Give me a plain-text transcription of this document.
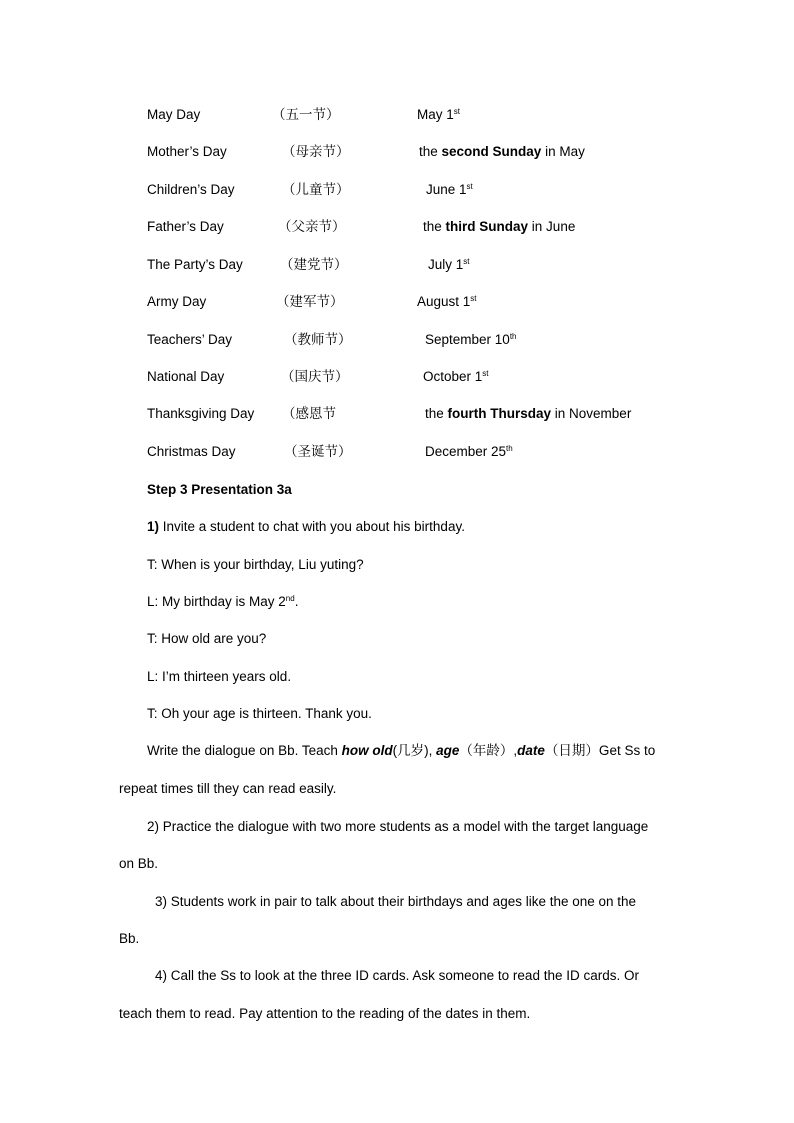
May Day	（五一节）	May 1st
Mother’s Day	（母亲节）	the second Sunday in May
Children’s Day	（儿童节）	June 1st
Father’s Day	（父亲节）	the third Sunday in June
The Party’s Day	（建党节）	July 1st
Army Day	（建军节）	August 1st
Teachers’ Day	（教师节）	September 10th
National Day	（国庆节）	October 1st
Thanksgiving Day （感恩节	the fourth Thursday in November
Christmas Day	（圣诞节）	December 25th
Step 3 Presentation 3a
1) Invite a student to chat with you about his birthday.
T: When is your birthday, Liu yuting?
L: My birthday is May 2nd.
T: How old are you?
L: I’m thirteen years old.
T: Oh your age is thirteen. Thank you.
Write the dialogue on Bb. Teach how old(几岁), age（年龄）,date（日期）Get Ss to
repeat times till they can read easily.
2) Practice the dialogue with two more students as a model with the target language
on Bb.
3) Students work in pair to talk about their birthdays and ages like the one on the
Bb.
4) Call the Ss to look at the three ID cards. Ask someone to read the ID cards. Or
teach them to read. Pay attention to the reading of the dates in them.
